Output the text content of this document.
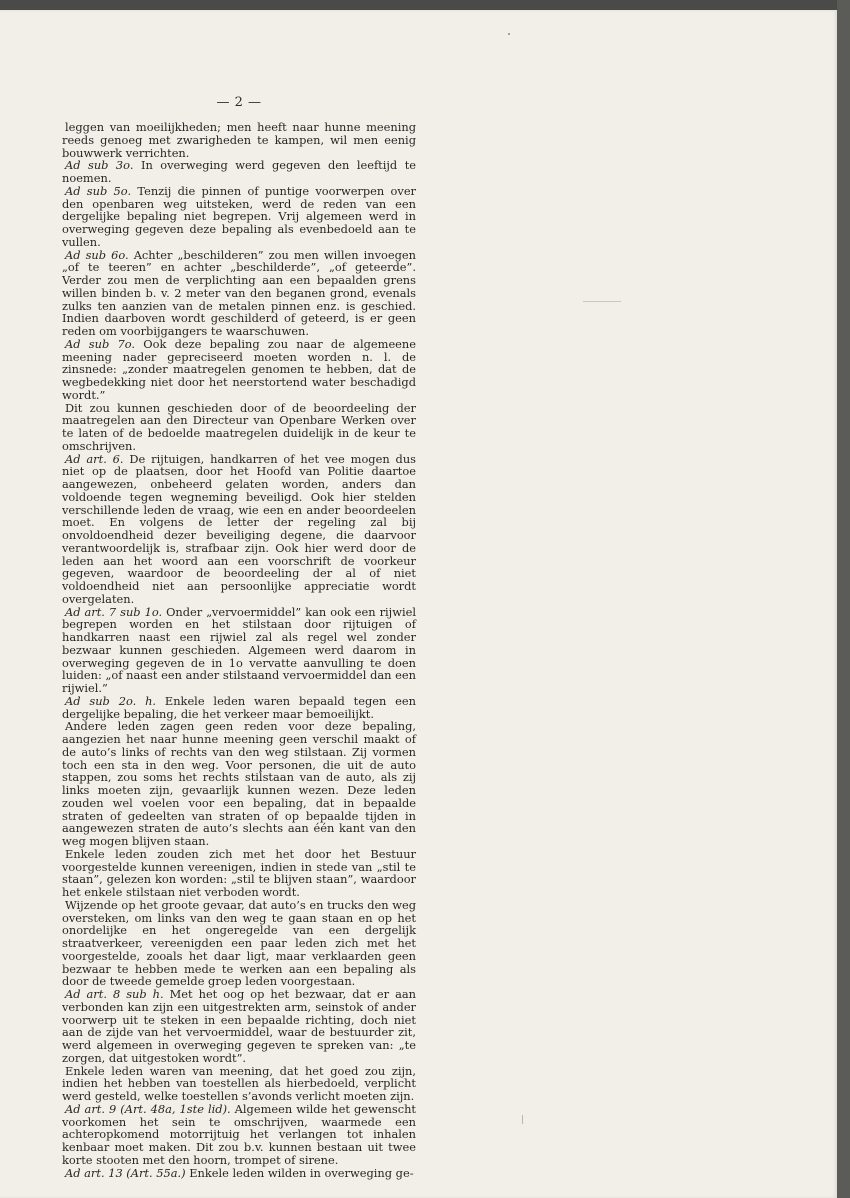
— 2 —

leggen van moeilijkheden; men heeft naar hunne meening reeds genoeg met zwarigheden te kampen, wil men eenig bouwwerk verrichten.

Ad sub 3o. In overweging werd gegeven den leeftijd te noemen.

Ad sub 5o. Tenzij die pinnen of puntige voorwerpen over den openbaren weg uitsteken, werd de reden van een dergelijke bepaling niet begrepen. Vrij algemeen werd in overweging gegeven deze bepaling als evenbedoeld aan te vullen.

Ad sub 6o. Achter „beschilderen” zou men willen invoegen „of te teeren” en achter „beschilderde”, „of geteerde”. Verder zou men de verplichting aan een bepaalden grens willen binden b. v. 2 meter van den beganen grond, evenals zulks ten aanzien van de metalen pinnen enz. is geschied. Indien daarboven wordt geschilderd of geteerd, is er geen reden om voorbijgangers te waarschuwen.

Ad sub 7o. Ook deze bepaling zou naar de algemeene meening nader gepreciseerd moeten worden n. l. de zinsnede: „zonder maatregelen genomen te hebben, dat de wegbedekking niet door het neerstortend water beschadigd wordt.”

Dit zou kunnen geschieden door of de beoordeeling der maatregelen aan den Directeur van Openbare Werken over te laten of de bedoelde maatregelen duidelijk in de keur te omschrijven.

Ad art. 6. De rijtuigen, handkarren of het vee mogen dus niet op de plaatsen, door het Hoofd van Politie daartoe aangewezen, onbeheerd gelaten worden, anders dan voldoende tegen wegneming beveiligd. Ook hier stelden verschillende leden de vraag, wie een en ander beoordeelen moet. En volgens de letter der regeling zal bij onvoldoendheid dezer beveiliging degene, die daarvoor verantwoordelijk is, strafbaar zijn. Ook hier werd door de leden aan het woord aan een voorschrift de voorkeur gegeven, waardoor de beoordeeling der al of niet voldoendheid niet aan persoonlijke appreciatie wordt overgelaten.

Ad art. 7 sub 1o. Onder „vervoermiddel” kan ook een rijwiel begrepen worden en het stilstaan door rijtuigen of handkarren naast een rijwiel zal als regel wel zonder bezwaar kunnen geschieden. Algemeen werd daarom in overweging gegeven de in 1o vervatte aanvulling te doen luiden: „of naast een ander stilstaand vervoermiddel dan een rijwiel.”

Ad sub 2o. h. Enkele leden waren bepaald tegen een dergelijke bepaling, die het verkeer maar bemoeilijkt.

Andere leden zagen geen reden voor deze bepaling, aangezien het naar hunne meening geen verschil maakt of de auto’s links of rechts van den weg stilstaan. Zij vormen toch een sta in den weg. Voor personen, die uit de auto stappen, zou soms het rechts stilstaan van de auto, als zij links moeten zijn, gevaarlijk kunnen wezen. Deze leden zouden wel voelen voor een bepaling, dat in bepaalde straten of gedeelten van straten of op bepaalde tijden in aangewezen straten de auto’s slechts aan één kant van den weg mogen blijven staan.

Enkele leden zouden zich met het door het Bestuur voorgestelde kunnen vereenigen, indien in stede van „stil te staan”, gelezen kon worden: „stil te blijven staan”, waardoor het enkele stilstaan niet verboden wordt.

Wijzende op het groote gevaar, dat auto’s en trucks den weg oversteken, om links van den weg te gaan staan en op het onordelijke en het ongeregelde van een dergelijk straatverkeer, vereenigden een paar leden zich met het voorgestelde, zooals het daar ligt, maar verklaarden geen bezwaar te hebben mede te werken aan een bepaling als door de tweede gemelde groep leden voorgestaan.

Ad art. 8 sub h. Met het oog op het bezwaar, dat er aan verbonden kan zijn een uitgestrekten arm, seinstok of ander voorwerp uit te steken in een bepaalde richting, doch niet aan de zijde van het vervoermiddel, waar de bestuurder zit, werd algemeen in overweging gegeven te spreken van: „te zorgen, dat uitgestoken wordt”.

Enkele leden waren van meening, dat het goed zou zijn, indien het hebben van toestellen als hierbedoeld, verplicht werd gesteld, welke toestellen s’avonds verlicht moeten zijn.

Ad art. 9 (Art. 48a, 1ste lid). Algemeen wilde het gewenscht voorkomen het sein te omschrijven, waarmede een achteropkomend motorrijtuig het verlangen tot inhalen kenbaar moet maken. Dit zou b.v. kunnen bestaan uit twee korte stooten met den hoorn, trompet of sirene.

Ad art. 13 (Art. 55a.) Enkele leden wilden in overweging ge-
